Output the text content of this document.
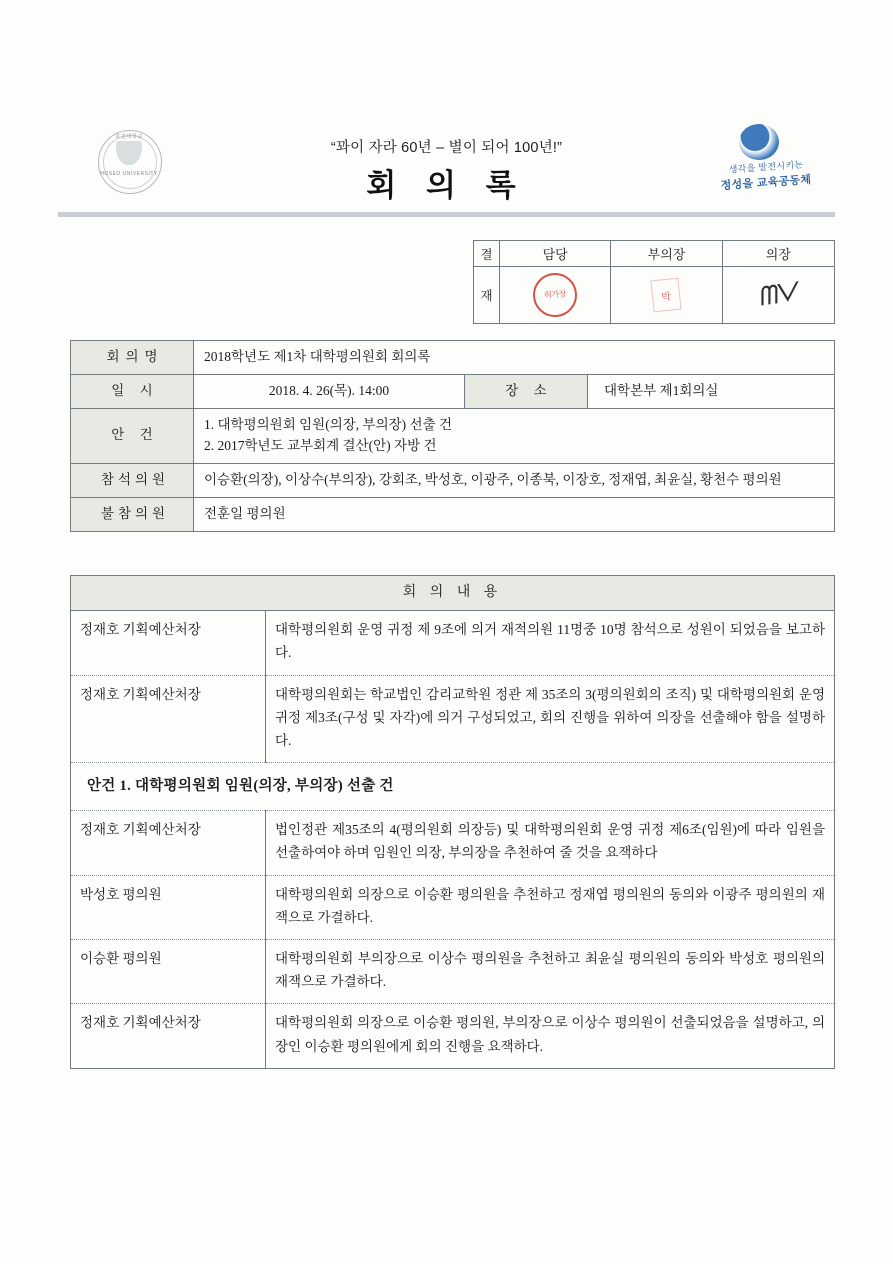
호원대학교
HOSEO UNIVERSITY
“꽈이 자라 60년 – 별이 되어 100년!”
회 의 록
생각을 발전시키는
정성을 교육공동체
결	담당	부의장	의장
재	허가장	박	ᗰᐯ
회의명	2018학년도 제1차 대학평의원회 회의록		
일 시	2018. 4. 26(목). 14:00	장 소	대학본부 제1회의실
안 건	1. 대학평의원회 임원(의장, 부의장) 선출 건
2. 2017학년도 교부회계 결산(안) 자방 건		

참석의원	이승환(의장), 이상수(부의장), 강회조, 박성호, 이광주, 이종북, 이장호, 정재엽, 최윤실, 황천수 평의원		
불참의원	전훈일 평의원		
회 의 내 용	
정재호 기획예산처장	대학평의원회 운영 귀정 제 9조에 의거 재적의원 11명중 10명 참석으로 성원이 되었음을 보고하다.
정재호 기획예산처장	대학평의원회는 학교법인 감리교학원 정관 제 35조의 3(평의원회의 조직) 및 대학평의원회 운영 귀정 제3조(구성 및 자각)에 의거 구성되었고, 회의 진행을 위하여 의장을 선출해야 함을 설명하다.
안건 1. 대학평의원회 임원(의장, 부의장) 선출 건	
정재호 기획예산처장	법인정관 제35조의 4(평의원회 의장등) 및 대학평의원회 운영 귀정 제6조(임원)에 따라 임원을 선출하여야 하며 임원인 의장, 부의장을 추천하여 줄 것을 요잭하다
박성호 평의원	대학평의원회 의장으로 이승환 평의원을 추천하고 정재엽 평의원의 동의와 이광주 평의원의 재잭으로 가결하다.
이승환 평의원	대학평의원회 부의장으로 이상수 평의원을 추천하고 최윤실 평의원의 동의와 박성호 평의원의 재잭으로 가결하다.
정재호 기획예산처장	대학평의원회 의장으로 이승환 평의원, 부의장으로 이상수 평의원이 선출되었음을 설명하고, 의장인 이승환 평의원에게 회의 진행을 요잭하다.
